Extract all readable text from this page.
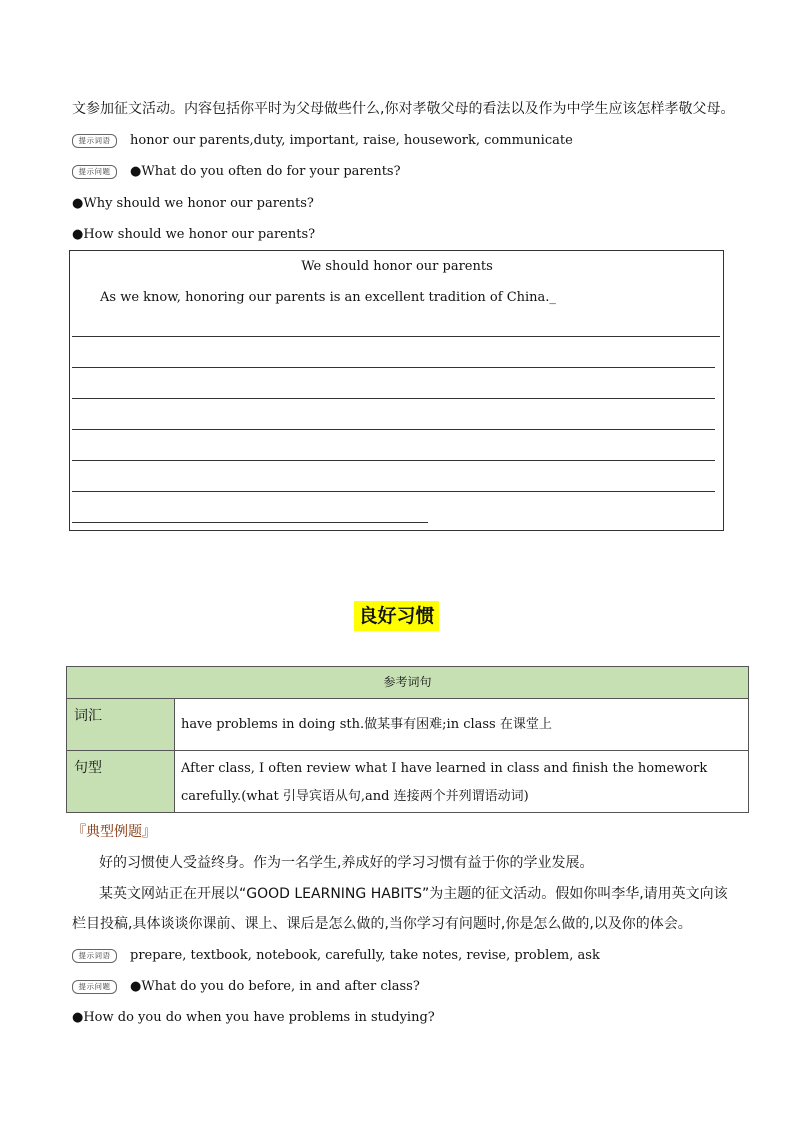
文参加征文活动。内容包括你平时为父母做些什么,你对孝敬父母的看法以及作为中学生应该怎样孝敬父母。
提示词语	honor our parents,duty, important, raise, housework, communicate
提示问题	●What do you often do for your parents?
●Why should we honor our parents?
●How should we honor our parents?
We should honor our parents
As we know, honoring our parents is an excellent tradition of China._
良好习惯
参考词句	
词汇	have problems in doing sth.做某事有困难;in class 在课堂上
句型	After class, I often review what I have learned in class and finish the homework carefully.(what 引导宾语从句,and 连接两个并列谓语动词)
『典型例题』
好的习惯使人受益终身。作为一名学生,养成好的学习习惯有益于你的学业发展。
某英文网站正在开展以“GOOD LEARNING HABITS”为主题的征文活动。假如你叫李华,请用英文向该
栏目投稿,具体谈谈你课前、课上、课后是怎么做的,当你学习有问题时,你是怎么做的,以及你的体会。
提示词语	prepare, textbook, notebook, carefully, take notes, revise, problem, ask
提示问题	●What do you do before, in and after class?
●How do you do when you have problems in studying?
